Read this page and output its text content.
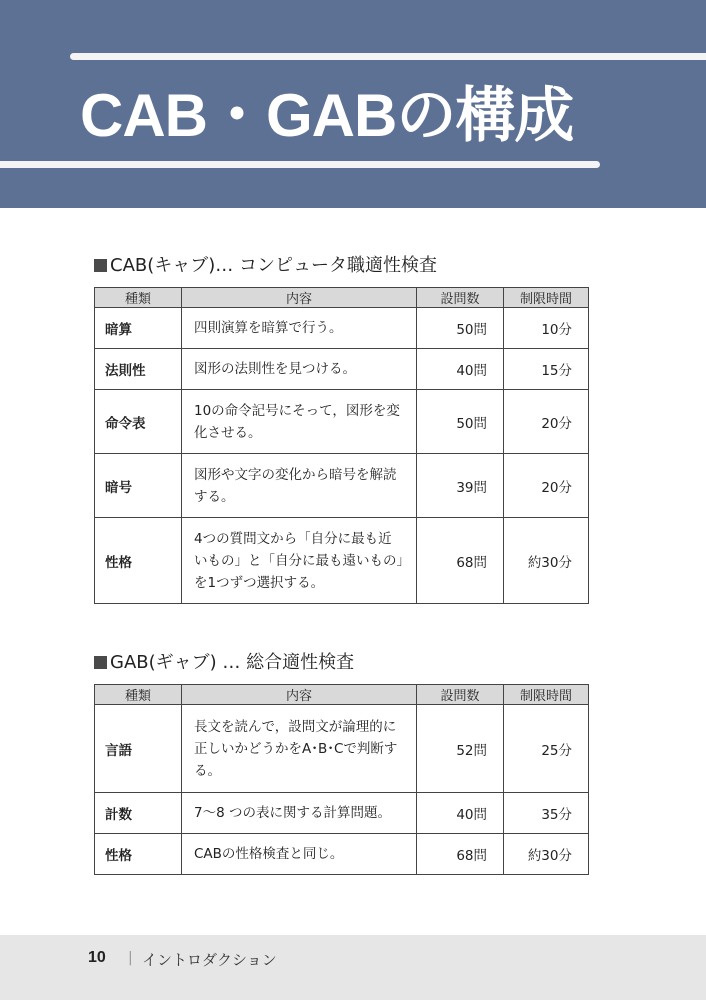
CAB・GABの構成
CAB(キャブ)… コンピュータ職適性検査
種類	内容	設問数	制限時間
暗算	四則演算を暗算で行う。	50問	10分
法則性	図形の法則性を見つける。	40問	15分
命令表	10の命令記号にそって，図形を変化させる。	50問	20分
暗号	図形や文字の変化から暗号を解読する。	39問	20分
性格	4つの質問文から「自分に最も近いもの」と「自分に最も遠いもの」を1つずつ選択する。	68問	約30分
GAB(ギャブ) … 総合適性検査
種類	内容	設問数	制限時間
言語	長文を読んで，設問文が論理的に正しいかどうかをA･B･Cで判断する。	52問	25分
計数	7～8 つの表に関する計算問題。	40問	35分
性格	CABの性格検査と同じ。	68問	約30分
10 | イントロダクション
